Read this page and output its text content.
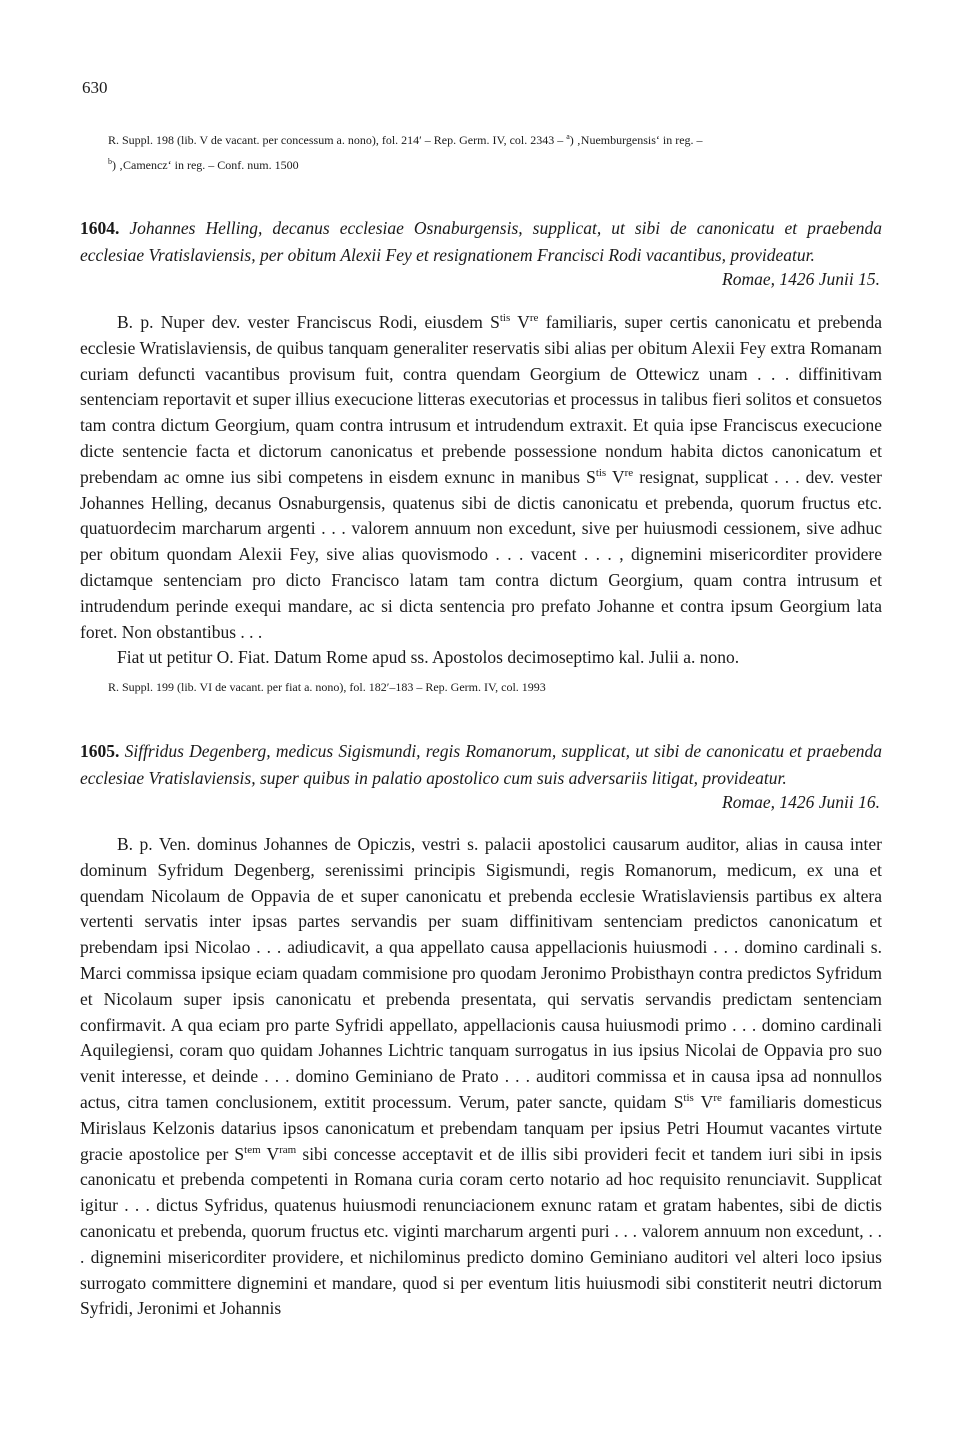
630
R. Suppl. 198 (lib. V de vacant. per concessum a. nono), fol. 214′ – Rep. Germ. IV, col. 2343 – $^a$) ‚Nuemburgensis‘ in reg. –
$^b$) ‚Camencz‘ in reg. – Conf. num. 1500
1604. Johannes Helling, decanus ecclesiae Osnaburgensis, supplicat, ut sibi de canonicatu et praebenda ecclesiae Vratislaviensis, per obitum Alexii Fey et resignationem Francisci Rodi vacantibus, provideatur.
Romae, 1426 Junii 15.

B. p. Nuper dev. vester Franciscus Rodi, eiusdem $S^{tis}$ Vre familiaris, super certis canonicatu et prebenda ecclesie Wratislaviensis, de quibus tanquam generaliter reservatis sibi alias per obitum Alexii Fey extra Romanam curiam defuncti vacantibus provisum fuit, contra quendam Georgium de Ottewicz unam . . . diffinitivam sentenciam reportavit et super illius execucione litteras executorias et processus in talibus fieri solitos et consuetos tam contra dictum Georgium, quam contra intrusum et intrudendum extraxit. Et quia ipse Franciscus execucione dicte sentencie facta et dictorum canonicatus et prebende possessione nondum habita dictos canonicatum et prebendam ac omne ius sibi competens in eisdem exnunc in manibus $S^{tis}$ Vre resignat, supplicat . . . dev. vester Johannes Helling, decanus Osnaburgensis, quatenus sibi de dictis canonicatu et prebenda, quorum fructus etc. quatuordecim marcharum argenti . . . valorem annuum non excedunt, sive per huiusmodi cessionem, sive adhuc per obitum quondam Alexii Fey, sive alias quovismodo . . . vacent . . . , dignemini misericorditer providere dictamque sentenciam pro dicto Francisco latam tam contra dictum Georgium, quam contra intrusum et intrudendum perinde exequi mandare, ac si dicta sentencia pro prefato Johanne et contra ipsum Georgium lata foret. Non obstantibus . . .

Fiat ut petitur O. Fiat. Datum Rome apud ss. Apostolos decimoseptimo kal. Julii a. nono.

R. Suppl. 199 (lib. VI de vacant. per fiat a. nono), fol. 182′–183 – Rep. Germ. IV, col. 1993
1605. Siffridus Degenberg, medicus Sigismundi, regis Romanorum, supplicat, ut sibi de canonicatu et praebenda ecclesiae Vratislaviensis, super quibus in palatio apostolico cum suis adversariis litigat, provideatur.
Romae, 1426 Junii 16.

B. p. Ven. dominus Johannes de Opiczis, vestri s. palacii apostolici causarum auditor, alias in causa inter dominum Syfridum Degenberg, serenissimi principis Sigismundi, regis Romanorum, medicum, ex una et quendam Nicolaum de Oppavia de et super canonicatu et prebenda ecclesie Wratislaviensis partibus ex altera vertenti servatis inter ipsas partes servandis per suam diffinitivam sentenciam predictos canonicatum et prebendam ipsi Nicolao . . . adiudicavit, a qua appellato causa appellacionis huiusmodi . . . domino cardinali s. Marci commissa ipsique eciam quadam commisione pro quodam Jeronimo Probisthayn contra predictos Syfridum et Nicolaum super ipsis canonicatu et prebenda presentata, qui servatis servandis predictam sentenciam confirmavit. A qua eciam pro parte Syfridi appellato, appellacionis causa huiusmodi primo . . . domino cardinali Aquilegiensi, coram quo quidam Johannes Lichtric tanquam surrogatus in ius ipsius Nicolai de Oppavia pro suo venit interesse, et deinde . . . domino Geminiano de Prato . . . auditori commissa et in causa ipsa ad nonnullos actus, citra tamen conclusionem, extitit processum. Verum, pater sancte, quidam $S^{tis}$ Vre familiaris domesticus Mirislaus Kelzonis datarius ipsos canonicatum et prebendam tanquam per ipsius Petri Houmut vacantes virtute gracie apostolice per $S^{tem}$ $V^{ram}$ sibi concesse acceptavit et de illis sibi provideri fecit et tandem iuri sibi in ipsis canonicatu et prebenda competenti in Romana curia coram certo notario ad hoc requisito renunciavit. Supplicat igitur . . . dictus Syfridus, quatenus huiusmodi renunciacionem exnunc ratam et gratam habentes, sibi de dictis canonicatu et prebenda, quorum fructus etc. viginti marcharum argenti puri . . . valorem annuum non excedunt, . . . dignemini misericorditer providere, et nichilominus predicto domino Geminiano auditori vel alteri loco ipsius surrogato committere dignemini et mandare, quod si per eventum litis huiusmodi sibi constiterit neutri dictorum Syfridi, Jeronimi et Johannis
